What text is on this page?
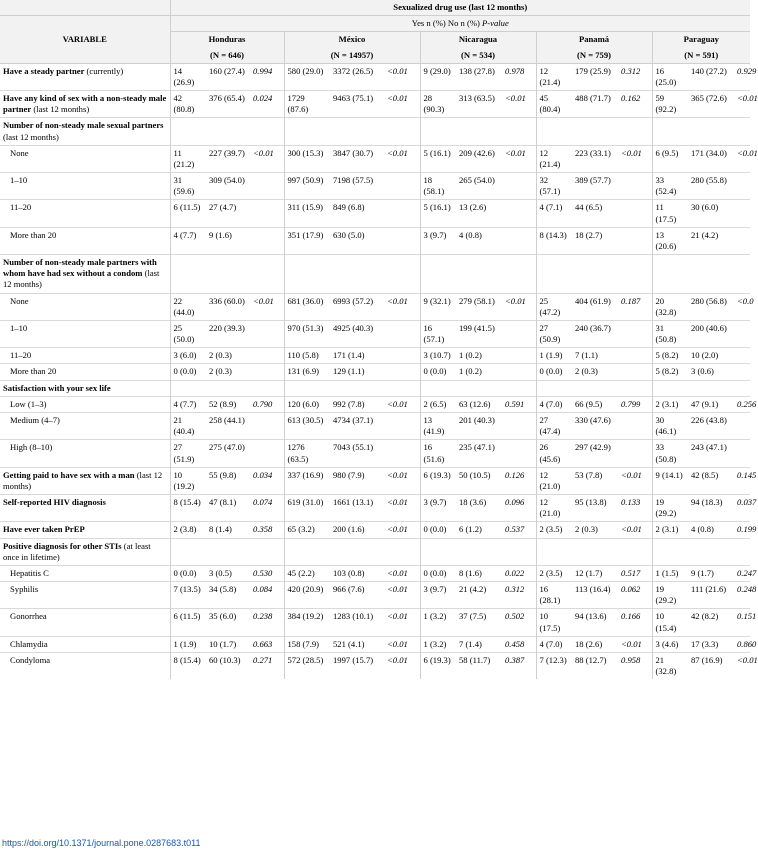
	Sexualized drug use (last 12 months)														
VARIABLE	Yes n (%) No n (%) P-value														
	Honduras			México			Nicaragua			Panamá			Paraguay		
	(N = 646)			(N = 14957)			(N = 534)			(N = 759)			(N = 591)		
Have a steady partner (currently)	14 (26.9)	160 (27.4)	0.994	580 (29.0)	3372 (26.5)	<0.01	9 (29.0)	138 (27.8)	0.978	12 (21.4)	179 (25.9)	0.312	16 (25.0)	140 (27.2)	0.929
Have any kind of sex with a non-steady male partner (last 12 months)	42 (80.8)	376 (65.4)	0.024	1729 (87.6)	9463 (75.1)	<0.01	28 (90.3)	313 (63.5)	<0.01	45 (80.4)	488 (71.7)	0.162	59 (92.2)	365 (72.6)	<0.01
Number of non-steady male sexual partners (last 12 months)															
None	11 (21.2)	227 (39.7)	<0.01	300 (15.3)	3847 (30.7)	<0.01	5 (16.1)	209 (42.6)	<0.01	12 (21.4)	223 (33.1)	<0.01	6 (9.5)	171 (34.0)	<0.01
1–10	31 (59.6)	309 (54.0)		997 (50.9)	7198 (57.5)		18 (58.1)	265 (54.0)		32 (57.1)	389 (57.7)		33 (52.4)	280 (55.8)	
11–20	6 (11.5)	27 (4.7)		311 (15.9)	849 (6.8)		5 (16.1)	13 (2.6)		4 (7.1)	44 (6.5)		11 (17.5)	30 (6.0)	
More than 20	4 (7.7)	9 (1.6)		351 (17.9)	630 (5.0)		3 (9.7)	4 (0.8)		8 (14.3)	18 (2.7)		13 (20.6)	21 (4.2)	
Number of non-steady male partners with whom have had sex without a condom (last 12 months)															
None	22 (44.0)	336 (60.0)	<0.01	681 (36.0)	6993 (57.2)	<0.01	9 (32.1)	279 (58.1)	<0.01	25 (47.2)	404 (61.9)	0.187	20 (32.8)	280 (56.8)	<0.0
1–10	25 (50.0)	220 (39.3)		970 (51.3)	4925 (40.3)		16 (57.1)	199 (41.5)		27 (50.9)	240 (36.7)		31 (50.8)	200 (40.6)	
11–20	3 (6.0)	2 (0.3)		110 (5.8)	171 (1.4)		3 (10.7)	1 (0.2)		1 (1.9)	7 (1.1)		5 (8.2)	10 (2.0)	
More than 20	0 (0.0)	2 (0.3)		131 (6.9)	129 (1.1)		0 (0.0)	1 (0.2)		0 (0.0)	2 (0.3)		5 (8.2)	3 (0.6)	
Satisfaction with your sex life															
Low (1–3)	4 (7.7)	52 (8.9)	0.790	120 (6.0)	992 (7.8)	<0.01	2 (6.5)	63 (12.6)	0.591	4 (7.0)	66 (9.5)	0.799	2 (3.1)	47 (9.1)	0.256
Medium (4–7)	21 (40.4)	258 (44.1)		613 (30.5)	4734 (37.1)		13 (41.9)	201 (40.3)		27 (47.4)	330 (47.6)		30 (46.1)	226 (43.8)	
High (8–10)	27 (51.9)	275 (47.0)		1276 (63.5)	7043 (55.1)		16 (51.6)	235 (47.1)		26 (45.6)	297 (42.9)		33 (50.8)	243 (47.1)	
Getting paid to have sex with a man (last 12 months)	10 (19.2)	55 (9.8)	0.034	337 (16.9)	980 (7.9)	<0.01	6 (19.3)	50 (10.5)	0.126	12 (21.0)	53 (7.8)	<0.01	9 (14.1)	42 (8.5)	0.145
Self-reported HIV diagnosis	8 (15.4)	47 (8.1)	0.074	619 (31.0)	1661 (13.1)	<0.01	3 (9.7)	18 (3.6)	0.096	12 (21.0)	95 (13.8)	0.133	19 (29.2)	94 (18.3)	0.037
Have ever taken PrEP	2 (3.8)	8 (1.4)	0.358	65 (3.2)	200 (1.6)	<0.01	0 (0.0)	6 (1.2)	0.537	2 (3.5)	2 (0.3)	<0.01	2 (3.1)	4 (0.8)	0.199
Positive diagnosis for other STIs (at least once in lifetime)															
Hepatitis C	0 (0.0)	3 (0.5)	0.530	45 (2.2)	103 (0.8)	<0.01	0 (0.0)	8 (1.6)	0.022	2 (3.5)	12 (1.7)	0.517	1 (1.5)	9 (1.7)	0.247
Syphilis	7 (13.5)	34 (5.8)	0.084	420 (20.9)	966 (7.6)	<0.01	3 (9.7)	21 (4.2)	0.312	16 (28.1)	113 (16.4)	0.062	19 (29.2)	111 (21.6)	0.248
Gonorrhea	6 (11.5)	35 (6.0)	0.238	384 (19.2)	1283 (10.1)	<0.01	1 (3.2)	37 (7.5)	0.502	10 (17.5)	94 (13.6)	0.166	10 (15.4)	42 (8.2)	0.151
Chlamydia	1 (1.9)	10 (1.7)	0.663	158 (7.9)	521 (4.1)	<0.01	1 (3.2)	7 (1.4)	0.458	4 (7.0)	18 (2.6)	<0.01	3 (4.6)	17 (3.3)	0.860
Condyloma	8 (15.4)	60 (10.3)	0.271	572 (28.5)	1997 (15.7)	<0.01	6 (19.3)	58 (11.7)	0.387	7 (12.3)	88 (12.7)	0.958	21 (32.8)	87 (16.9)	<0.01
https://doi.org/10.1371/journal.pone.0287683.t011
